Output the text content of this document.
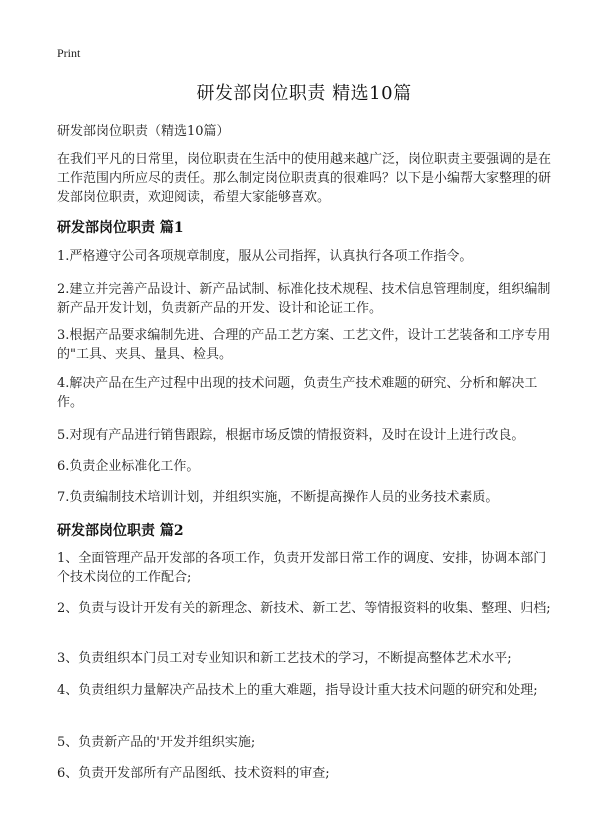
Print
研发部岗位职责 精选10篇

研发部岗位职责（精选10篇）

在我们平凡的日常里，岗位职责在生活中的使用越来越广泛，岗位职责主要强调的是在工作范围内所应尽的责任。那么制定岗位职责真的很难吗？以下是小编帮大家整理的研发部岗位职责，欢迎阅读，希望大家能够喜欢。

研发部岗位职责 篇1

1.严格遵守公司各项规章制度，服从公司指挥，认真执行各项工作指令。

2.建立并完善产品设计、新产品试制、标准化技术规程、技术信息管理制度，组织编制新产品开发计划，负责新产品的开发、设计和论证工作。

3.根据产品要求编制先进、合理的产品工艺方案、工艺文件，设计工艺装备和工序专用的"工具、夹具、量具、检具。

4.解决产品在生产过程中出现的技术问题，负责生产技术难题的研究、分析和解决工作。

5.对现有产品进行销售跟踪，根据市场反馈的情报资料，及时在设计上进行改良。

6.负责企业标准化工作。

7.负责编制技术培训计划，并组织实施，不断提高操作人员的业务技术素质。

研发部岗位职责 篇2

1、全面管理产品开发部的各项工作，负责开发部日常工作的调度、安排，协调本部门个技术岗位的工作配合;

2、负责与设计开发有关的新理念、新技术、新工艺、等情报资料的收集、整理、归档;

3、负责组织本门员工对专业知识和新工艺技术的学习，不断提高整体艺术水平;

4、负责组织力量解决产品技术上的重大难题，指导设计重大技术问题的研究和处理;

5、负责新产品的'开发并组织实施;

6、负责开发部所有产品图纸、技术资料的审查;
